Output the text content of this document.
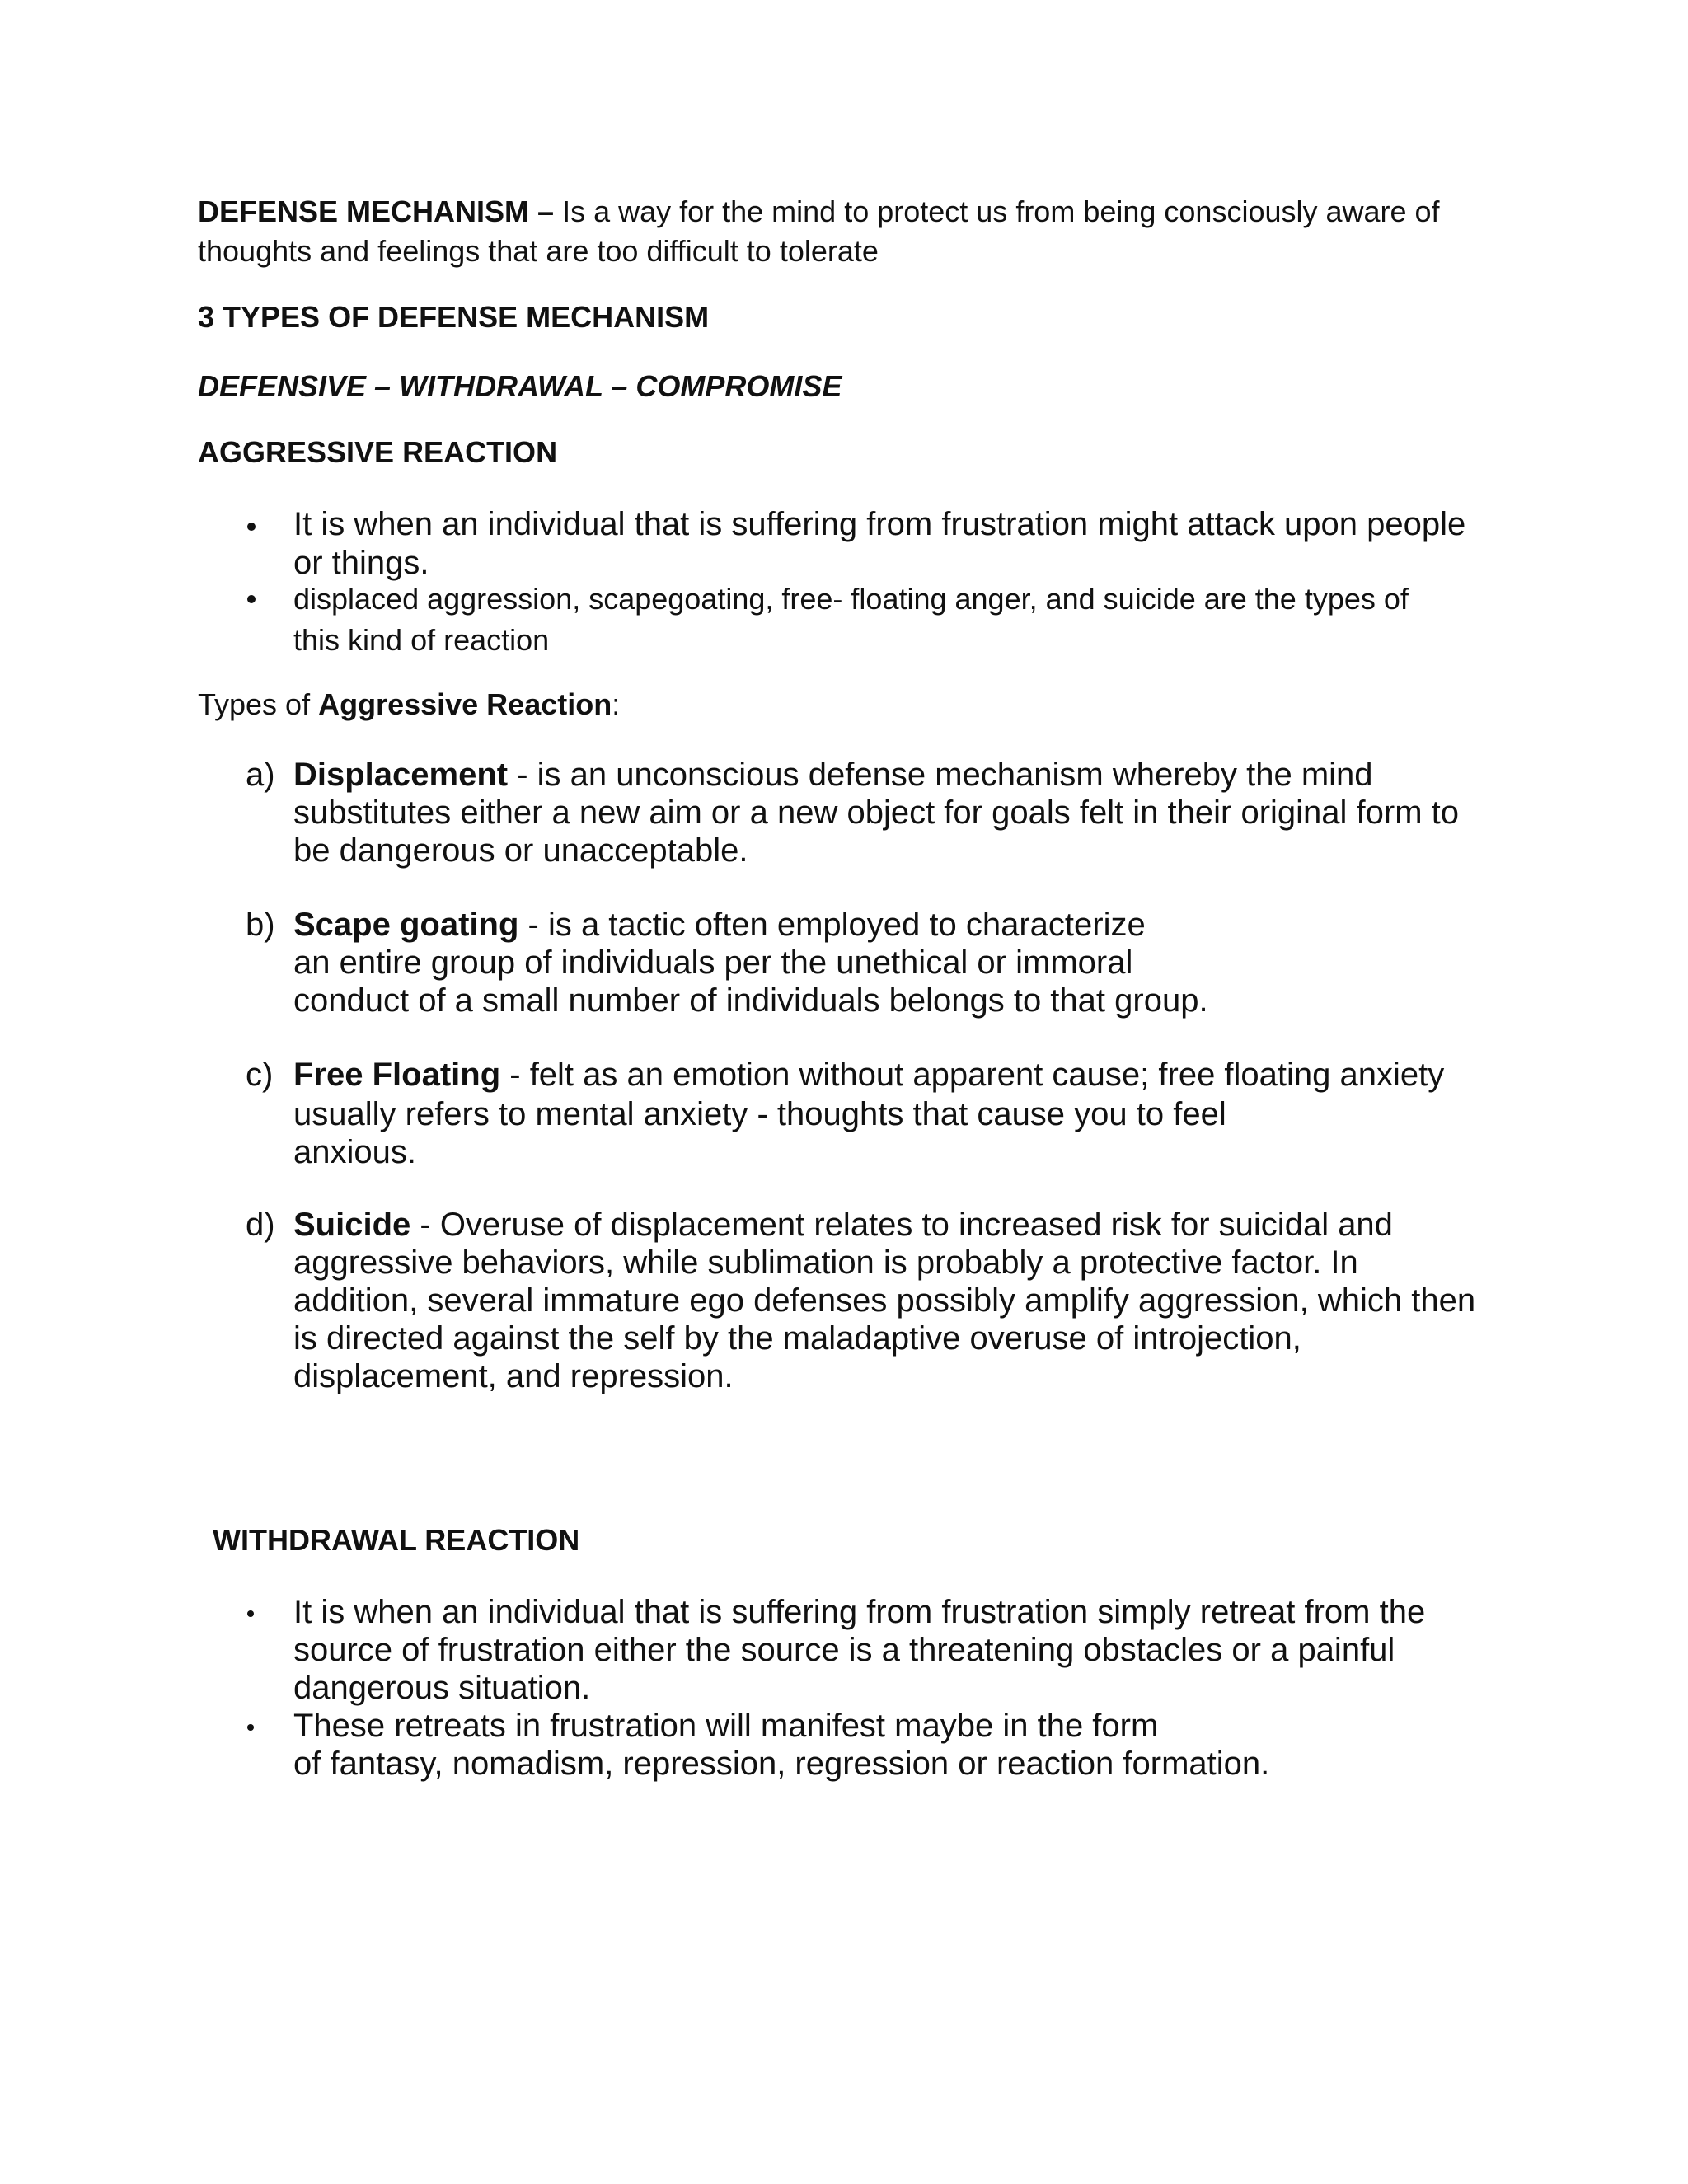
DEFENSE MECHANISM – Is a way for the mind to protect us from being consciously aware of
thoughts and feelings that are too difficult to tolerate
3 TYPES OF DEFENSE MECHANISM
DEFENSIVE – WITHDRAWAL – COMPROMISE
AGGRESSIVE REACTION
It is when an individual that is suffering from frustration might attack upon people
or things.
displaced aggression, scapegoating, free- floating anger, and suicide are the types of
this kind of reaction
Types of Aggressive Reaction:
a) Displacement - is an unconscious defense mechanism whereby the mind
substitutes either a new aim or a new object for goals felt in their original form to
be dangerous or unacceptable.
b) Scape goating - is a tactic often employed to characterize
an entire group of individuals per the unethical or immoral
conduct of a small number of individuals belongs to that group.
c) Free Floating - felt as an emotion without apparent cause; free floating anxiety
usually refers to mental anxiety - thoughts that cause you to feel
anxious.
d) Suicide - Overuse of displacement relates to increased risk for suicidal and
aggressive behaviors, while sublimation is probably a protective factor. In
addition, several immature ego defenses possibly amplify aggression, which then
is directed against the self by the maladaptive overuse of introjection,
displacement, and repression.
WITHDRAWAL REACTION
It is when an individual that is suffering from frustration simply retreat from the
source of frustration either the source is a threatening obstacles or a painful
dangerous situation.
These retreats in frustration will manifest maybe in the form
of fantasy, nomadism, repression, regression or reaction formation.
